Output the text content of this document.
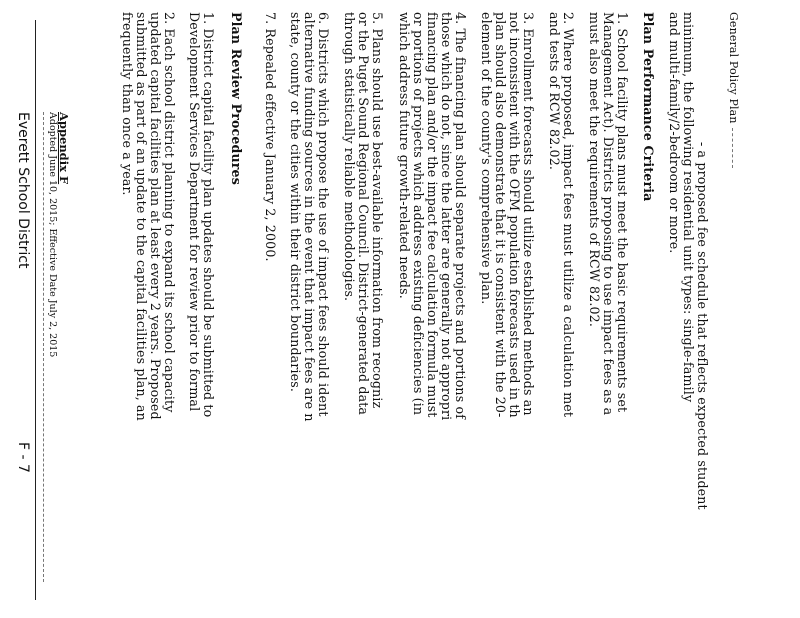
General Policy Plan
- a proposed fee schedule that reflects expected student
minimum, the following residential unit types: single-family
and multi-family/2-bedroom or more.
Plan Performance Criteria
1. School facility plans must meet the basic requirements set
Management Act). Districts proposing to use impact fees as a
must also meet the requirements of RCW 82.02.
2. Where proposed, impact fees must utilize a calculation met
and tests of RCW 82.02.
3. Enrollment forecasts should utilize established methods an
not inconsistent with the OFM population forecasts used in th
plan should also demonstrate that it is consistent with the 20-
element of the county's comprehensive plan.
4. The financing plan should separate projects and portions of
those which do not, since the latter are generally not appropri
financing plan and/or the impact fee calculation formula must
or portions of projects which address existing deficiencies (in
which address future growth-related needs.
5. Plans should use best-available information from recogniz
or the Puget Sound Regional Council. District-generated data
through statistically reliable methodologies.
6. Districts which propose the use of impact fees should ident
alternative funding sources in the event that impact fees are n
state, county or the cities within their district boundaries.
7. Repealed effective January 2, 2000.
Plan Review Procedures
1. District capital facility plan updates should be submitted to
Development Services Department for review prior to formal
2. Each school district planning to expand its school capacity
updated capital facilities plan at least every 2 years. Proposed
submitted as part of an update to the capital facilities plan, an
frequently than once a year.
Appendix F
Adopted June 10, 2015; Effective Date July 2, 2015
Everett School District
F - 7
